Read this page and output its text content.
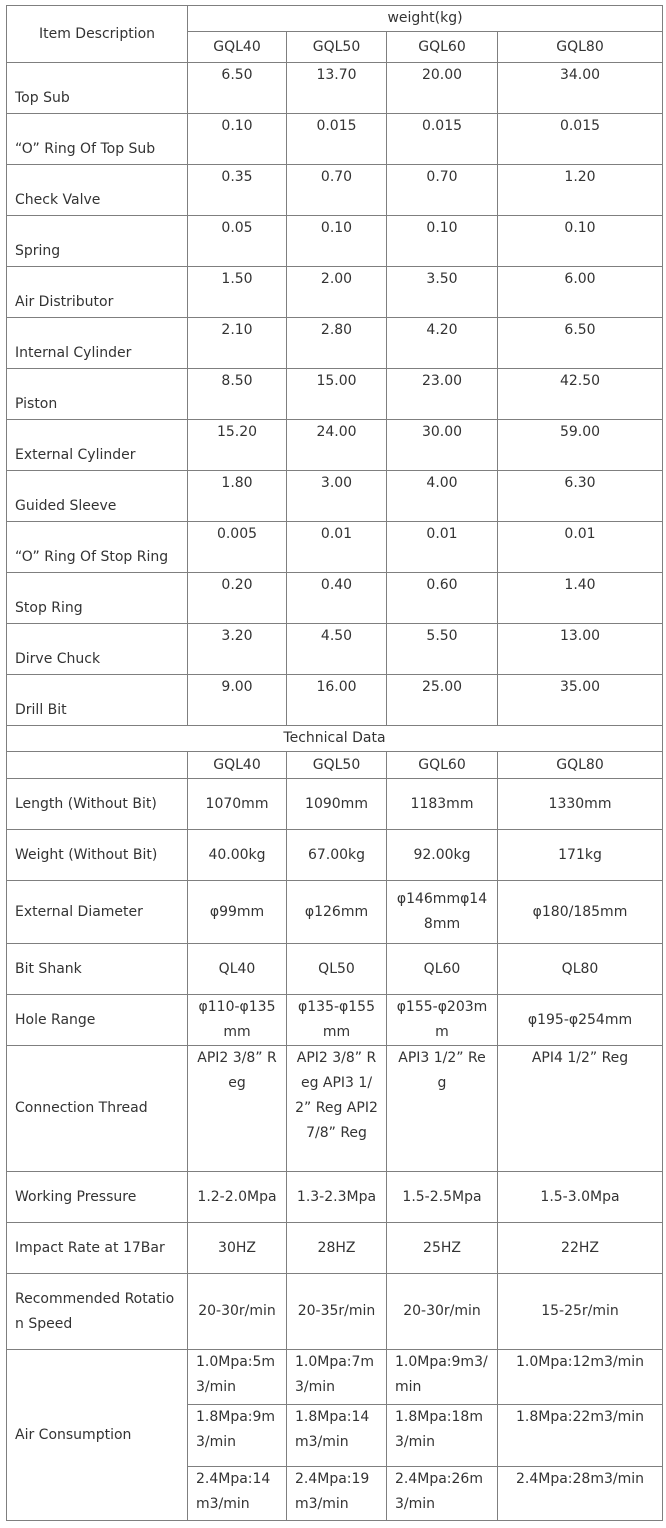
Item Description	weight(kg)			
	GQL40	GQL50	GQL60	GQL80
Top Sub	6.50	13.70	20.00	34.00
“O” Ring Of Top Sub	0.10	0.015	0.015	0.015
Check Valve	0.35	0.70	0.70	1.20
Spring	0.05	0.10	0.10	0.10
Air Distributor	1.50	2.00	3.50	6.00
Internal Cylinder	2.10	2.80	4.20	6.50
Piston	8.50	15.00	23.00	42.50
External Cylinder	15.20	24.00	30.00	59.00
Guided Sleeve	1.80	3.00	4.00	6.30
“O” Ring Of Stop Ring	0.005	0.01	0.01	0.01
Stop Ring	0.20	0.40	0.60	1.40
Dirve Chuck	3.20	4.50	5.50	13.00
Drill Bit	9.00	16.00	25.00	35.00
Technical Data				
	GQL40	GQL50	GQL60	GQL80
Length (Without Bit)	1070mm	1090mm	1183mm	1330mm
Weight (Without Bit)	40.00kg	67.00kg	92.00kg	171kg
External Diameter	φ99mm	φ126mm	φ146mmφ148mm	φ180/185mm
Bit Shank	QL40	QL50	QL60	QL80
Hole Range	φ110-φ135mm	φ135-φ155mm	φ155-φ203mm	φ195-φ254mm
Connection Thread	API2 3/8” Reg	API2 3/8” Reg API3 1/2” Reg API2 7/8” Reg	API3 1/2” Reg	API4 1/2” Reg
Working Pressure	1.2-2.0Mpa	1.3-2.3Mpa	1.5-2.5Mpa	1.5-3.0Mpa
Impact Rate at 17Bar	30HZ	28HZ	25HZ	22HZ
Recommended Rotation Speed	20-30r/min	20-35r/min	20-30r/min	15-25r/min
Air Consumption	1.0Mpa:5m3/min	1.0Mpa:7m3/min	1.0Mpa:9m3/min	1.0Mpa:12m3/min
	1.8Mpa:9m3/min	1.8Mpa:14m3/min	1.8Mpa:18m3/min	1.8Mpa:22m3/min
	2.4Mpa:14m3/min	2.4Mpa:19m3/min	2.4Mpa:26m3/min	2.4Mpa:28m3/min
